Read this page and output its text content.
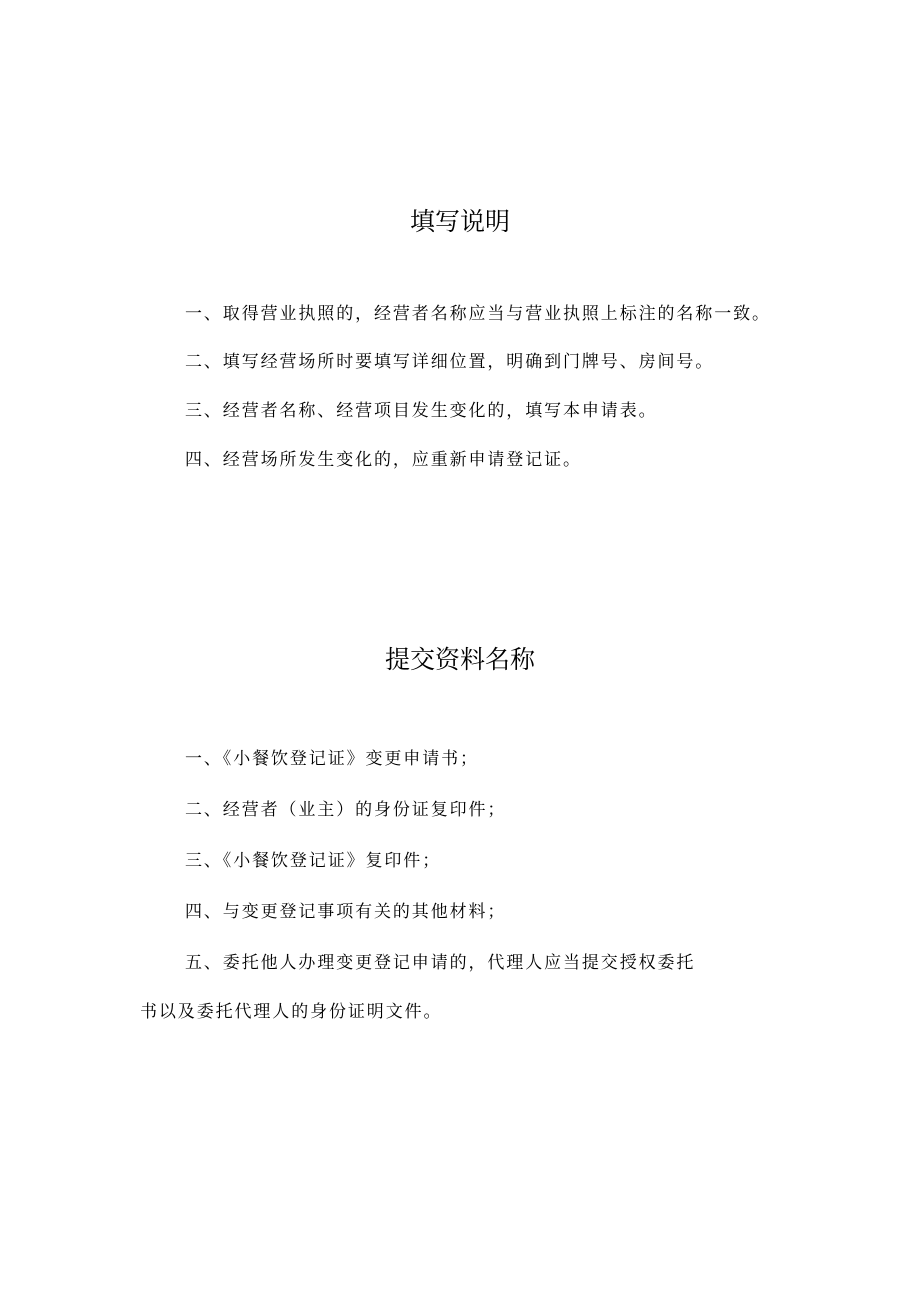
填写说明

一、取得营业执照的，经营者名称应当与营业执照上标注的名称一致。

二、填写经营场所时要填写详细位置，明确到门牌号、房间号。

三、经营者名称、经营项目发生变化的，填写本申请表。

四、经营场所发生变化的，应重新申请登记证。

提交资料名称

一、《小餐饮登记证》变更申请书；

二、经营者（业主）的身份证复印件；

三、《小餐饮登记证》复印件；

四、与变更登记事项有关的其他材料；

五、委托他人办理变更登记申请的，代理人应当提交授权委托

书以及委托代理人的身份证明文件。
